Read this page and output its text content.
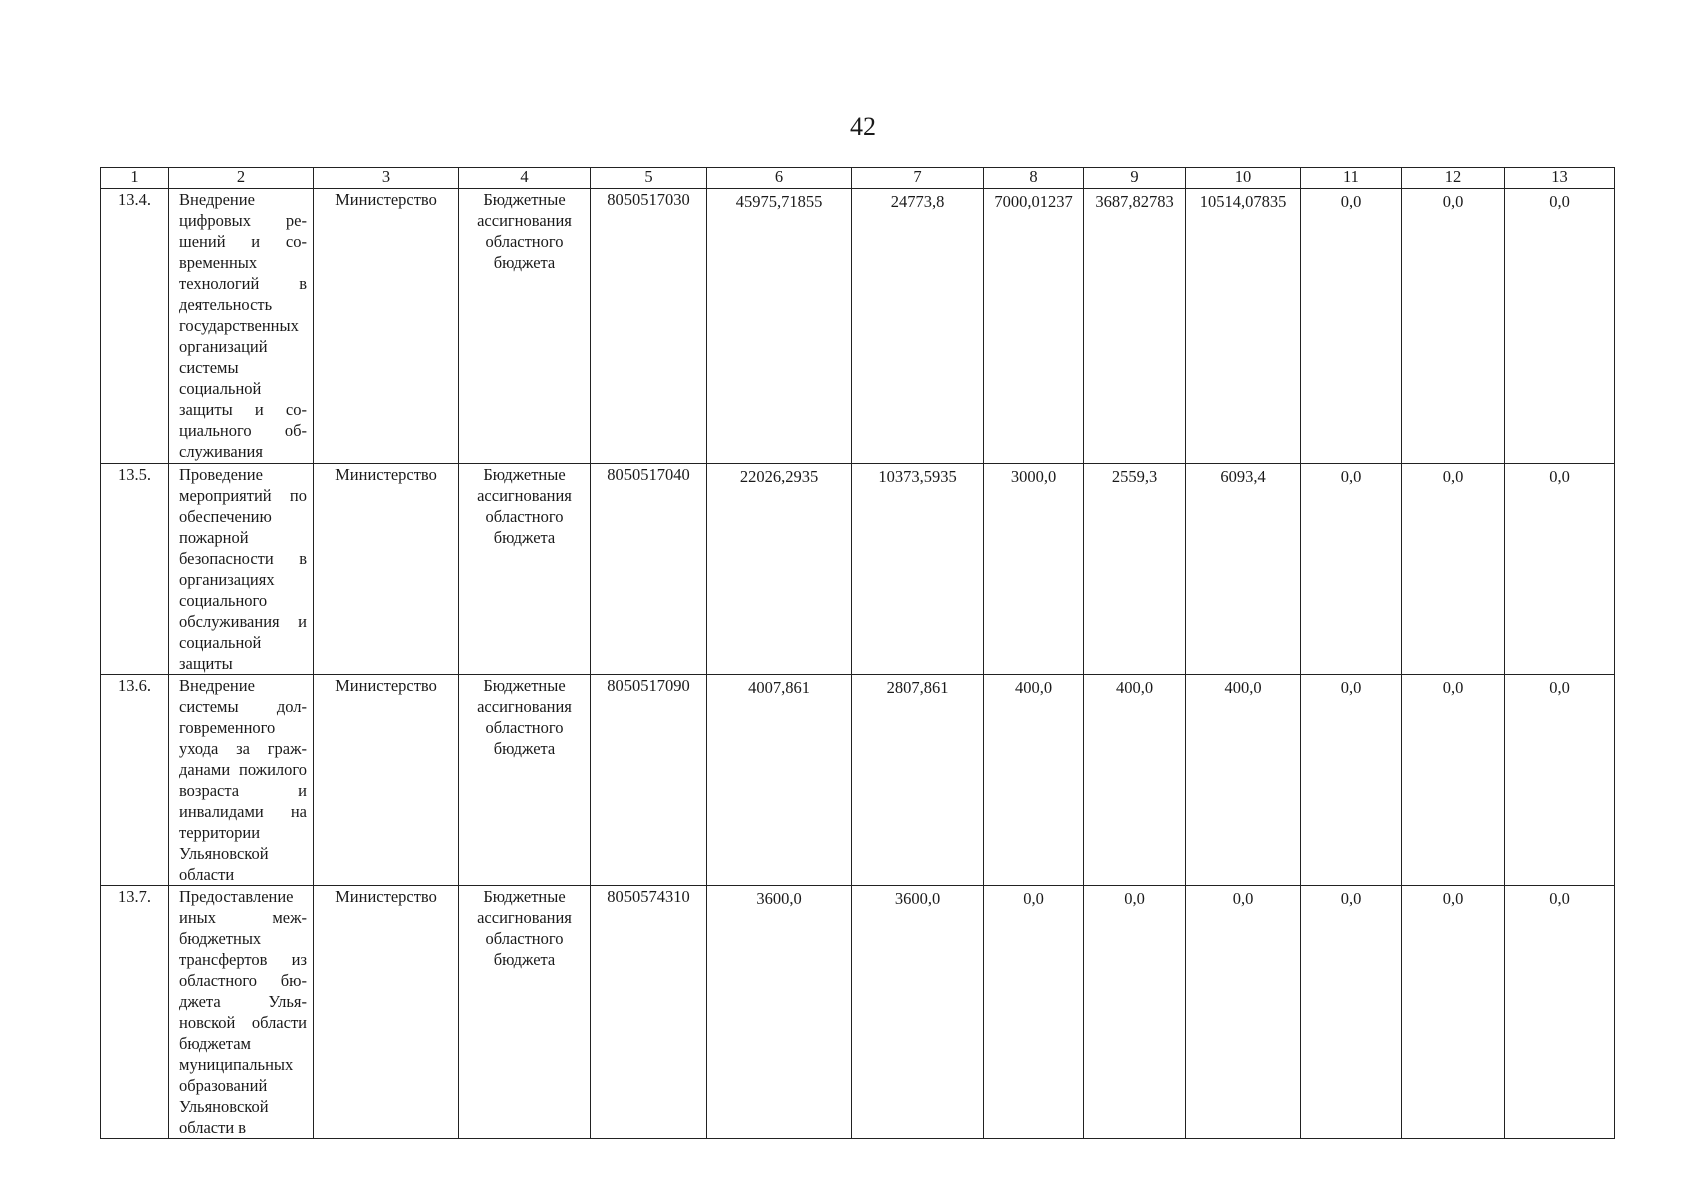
42
1	2	3	4	5	6	7	8	9	10	11	12	13
13.4.	Внедрение цифровых решений и современных технологий в деятельность государственных организаций системы социальной защиты и социального обслуживания	Министерство	Бюджетные ассигнования областного бюджета	8050517030	45975,71855	24773,8	7000,01237	3687,82783	10514,07835	0,0	0,0	0,0
13.5.	Проведение мероприятий по обеспечению пожарной безопасности в организациях социального обслуживания и социальной защиты	Министерство	Бюджетные ассигнования областного бюджета	8050517040	22026,2935	10373,5935	3000,0	2559,3	6093,4	0,0	0,0	0,0
13.6.	Внедрение системы долговременного ухода за гражданами пожилого возраста и инвалидами на территории Ульяновской области	Министерство	Бюджетные ассигнования областного бюджета	8050517090	4007,861	2807,861	400,0	400,0	400,0	0,0	0,0	0,0
13.7.	Предоставление иных межбюджетных трансфертов из областного бюджета Ульяновской области бюджетам муниципальных образований Ульяновской области в	Министерство	Бюджетные ассигнования областного бюджета	8050574310	3600,0	3600,0	0,0	0,0	0,0	0,0	0,0	0,0
